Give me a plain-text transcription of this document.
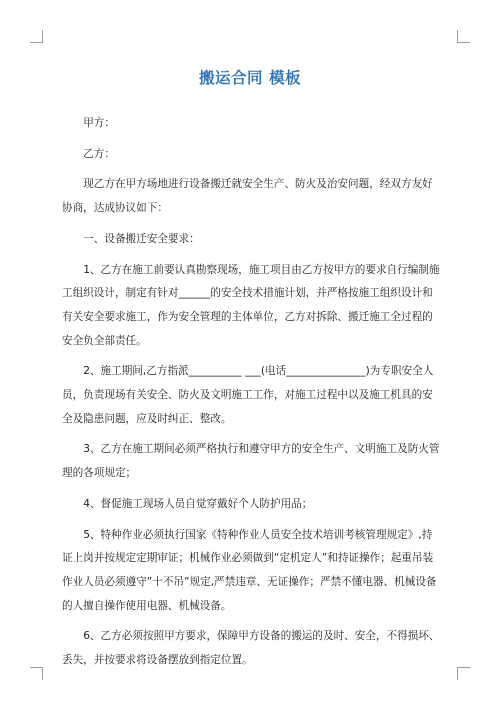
搬运合同 模板

甲方：

乙方：

现乙方在甲方场地进行设备搬迁就安全生产、防火及治安问题，经双方友好协商，达成协议如下：

一、设备搬迁安全要求：

1、乙方在施工前要认真勘察现场，施工项目由乙方按甲方的要求自行编制施工组织设计，制定有针对______的安全技术措施计划，并严格按施工组织设计和有关安全要求施工，作为安全管理的主体单位，乙方对拆除、搬迁施工全过程的安全负全部责任。

2、施工期间,乙方指派__________ ___(电话_______________)为专职安全人员，负责现场有关安全、防火及文明施工工作，对施工过程中以及施工机具的安全及隐患问题，应及时纠正、整改。

3、乙方在施工期间必须严格执行和遵守甲方的安全生产、文明施工及防火管理的各项规定；

4、督促施工现场人员自觉穿戴好个人防护用品；

5、特种作业必须执行国家《特种作业人员安全技术培训考核管理规定》,持证上岗并按规定定期审证；机械作业必须做到“定机定人”和持证操作；起重吊装作业人员必须遵守”十不吊”规定,严禁违章、无证操作；严禁不懂电器、机械设备的人擅自操作使用电器、机械设备。

6、乙方必须按照甲方要求，保障甲方设备的搬运的及时、安全，不得损坏、丢失，并按要求将设备摆放到指定位置。
